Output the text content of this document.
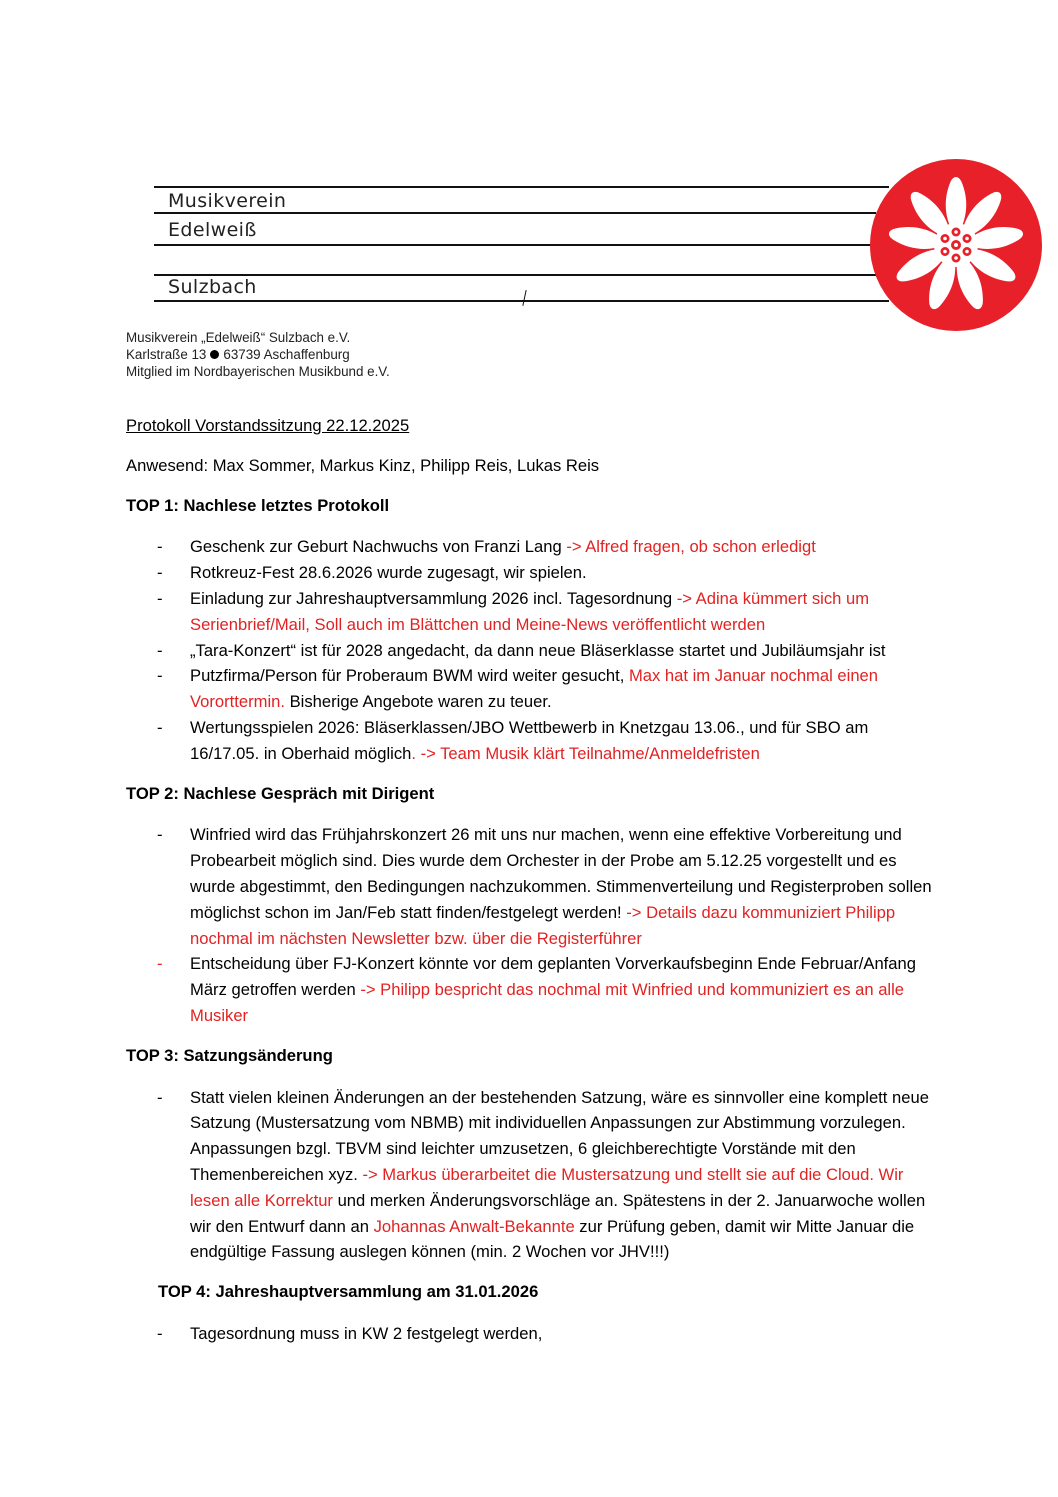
Musikverein
Edelweiß
Sulzbach
Musikverein „Edelweiß“ Sulzbach e.V.
Karlstraße 13 63739 Aschaffenburg
Mitglied im Nordbayerischen Musikbund e.V.

Protokoll Vorstandssitzung 22.12.2025

Anwesend: Max Sommer, Markus Kinz, Philipp Reis, Lukas Reis

TOP 1: Nachlese letztes Protokoll
- Geschenk zur Geburt Nachwuchs von Franzi Lang -> Alfred fragen, ob schon erledigt
- Rotkreuz-Fest 28.6.2026 wurde zugesagt, wir spielen.
- Einladung zur Jahreshauptversammlung 2026 incl. Tagesordnung -> Adina kümmert sich um Serienbrief/Mail, Soll auch im Blättchen und Meine-News veröffentlicht werden
- „Tara-Konzert“ ist für 2028 angedacht, da dann neue Bläserklasse startet und Jubiläumsjahr ist
- Putzfirma/Person für Proberaum BWM wird weiter gesucht, Max hat im Januar nochmal einen Vororttermin. Bisherige Angebote waren zu teuer.
- Wertungsspielen 2026: Bläserklassen/JBO Wettbewerb in Knetzgau 13.06., und für SBO am 16/17.05. in Oberhaid möglich. -> Team Musik klärt Teilnahme/Anmeldefristen
TOP 2: Nachlese Gespräch mit Dirigent
- Winfried wird das Frühjahrskonzert 26 mit uns nur machen, wenn eine effektive Vorbereitung und Probearbeit möglich sind. Dies wurde dem Orchester in der Probe am 5.12.25 vorgestellt und es wurde abgestimmt, den Bedingungen nachzukommen. Stimmenverteilung und Registerproben sollen möglichst schon im Jan/Feb statt finden/festgelegt werden! -> Details dazu kommuniziert Philipp nochmal im nächsten Newsletter bzw. über die Registerführer
- Entscheidung über FJ-Konzert könnte vor dem geplanten Vorverkaufsbeginn Ende Februar/Anfang März getroffen werden -> Philipp bespricht das nochmal mit Winfried und kommuniziert es an alle Musiker
TOP 3: Satzungsänderung
- Statt vielen kleinen Änderungen an der bestehenden Satzung, wäre es sinnvoller eine komplett neue Satzung (Mustersatzung vom NBMB) mit individuellen Anpassungen zur Abstimmung vorzulegen. Anpassungen bzgl. TBVM sind leichter umzusetzen, 6 gleichberechtigte Vorstände mit den Themenbereichen xyz. -> Markus überarbeitet die Mustersatzung und stellt sie auf die Cloud. Wir lesen alle Korrektur und merken Änderungsvorschläge an. Spätestens in der 2. Januarwoche wollen wir den Entwurf dann an Johannas Anwalt-Bekannte zur Prüfung geben, damit wir Mitte Januar die endgültige Fassung auslegen können (min. 2 Wochen vor JHV!!!)
TOP 4: Jahreshauptversammlung am 31.01.2026
- Tagesordnung muss in KW 2 festgelegt werden,
